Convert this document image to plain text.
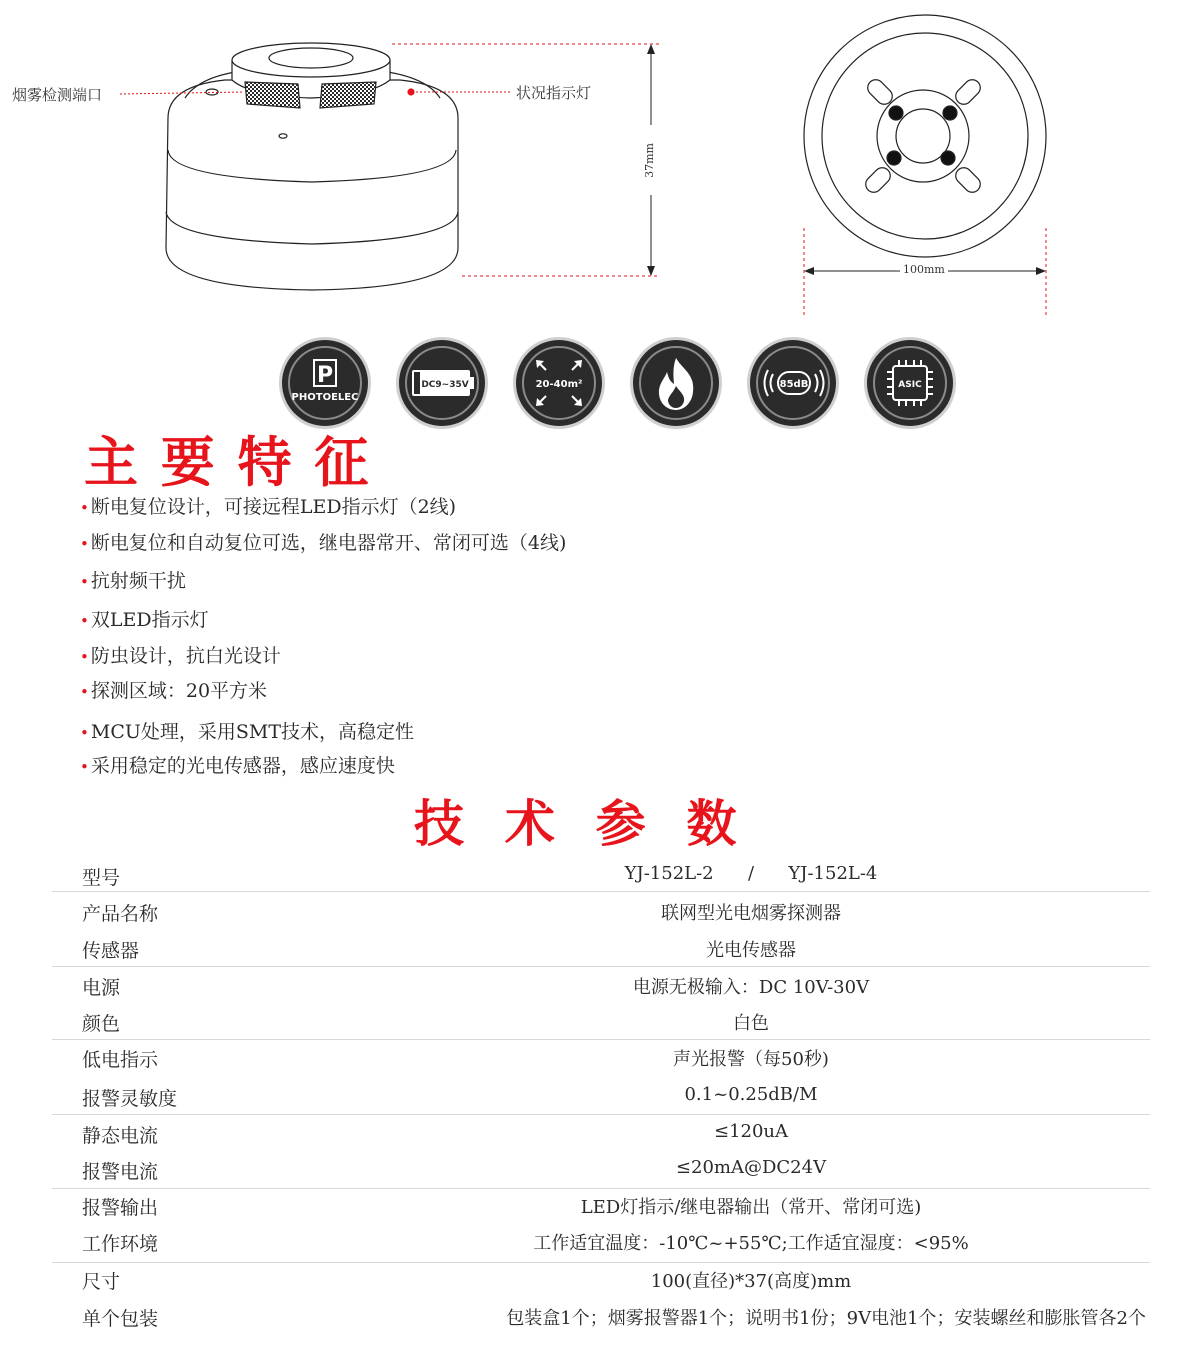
烟雾检测端口	状况指示灯
37mm
100mm
P
PHOTOELEC
DC9~35V	20-40m²	85dB	ASIC
主 要 特 征
• 断电复位设计，可接远程LED指示灯（2线)
• 断电复位和自动复位可选，继电器常开、常闭可选（4线)
• 抗射频干扰
• 双LED指示灯
• 防虫设计，抗白光设计
• 探测区域：20平方米
• MCU处理，采用SMT技术，高稳定性
• 采用稳定的光电传感器，感应速度快
技  术  参  数
型号	YJ-152L-2      /      YJ-152L-4
产品名称	联网型光电烟雾探测器
传感器	光电传感器
电源	电源无极输入：DC 10V-30V
颜色	白色
低电指示	声光报警（每50秒)
报警灵敏度	0.1~0.25dB/M
静态电流	≤120uA
报警电流	≤20mA@DC24V
报警输出	LED灯指示/继电器输出（常开、常闭可选)
工作环境	工作适宜温度：-10℃~+55℃;工作适宜湿度：<95%
尺寸	100(直径)*37(高度)mm
单个包装	包装盒1个；烟雾报警器1个；说明书1份；9V电池1个；安装螺丝和膨胀管各2个
